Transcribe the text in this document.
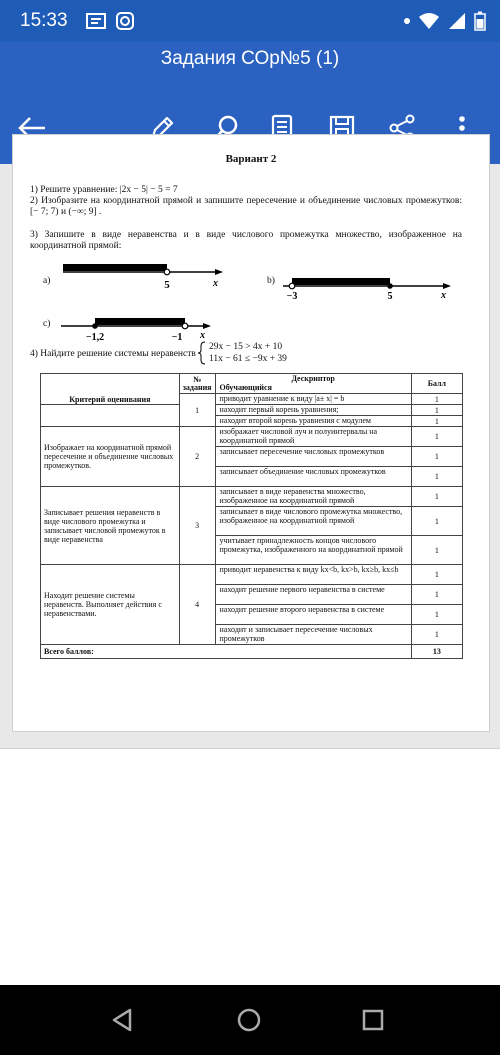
15:33
Задания СОр№5 (1)
Вариант 2
1) Решите уравнение: |2x − 5| − 5 = 7
2) Изобразите на координатной прямой и запишите пересечение и объединение числовых промежутков: [− 7; 7) и (−∞; 9] .
3) Запишите в виде неравенства и в виде числового промежутка множество, изображенное на координатной прямой:
a)	5	x	b)
−3	5	x
c)
−1,2	−1 x
4) Найдите решение системы неравенств
29x − 15 > 4x + 10
11x − 61 ≤ −9x + 39
Критерий оценивания	№ задания	Дескриптор
Обучающийся	Балл
	1	приводит уравнение к виду |a± x| = b	1
		находит первый корень уравнения;	1
		находит второй корень уравнения с модулем	1
Изображает на координатной прямой пересечение и объединение числовых промежутков.	2	изображает числовой луч и полуинтервалы на координатной прямой	1
		записывает пересечение числовых промежутков	1
		записывает объединение числовых промежутков	1
Записывает решения неравенств в виде числового промежутка и записывает числовой промежуток в виде неравенства	3	записывает в виде неравенства множество, изображенное на координатной прямой	1
		записывает в виде числового промежутка множество, изображенное на координатной прямой	1
		учитывает принадлежность концов числового промежутка, изображенного на координатной прямой	1
Находит решение системы неравенств. Выполняет действия с неравенствами.	4	приводит неравенства к виду kx<b, kx>b, kx≥b, kx≤b	1
		находит решение первого неравенства в системе	1
		находит решение второго неравенства в системе	1
		находит и записывает пересечение числовых промежутков	1
Всего баллов:			13
